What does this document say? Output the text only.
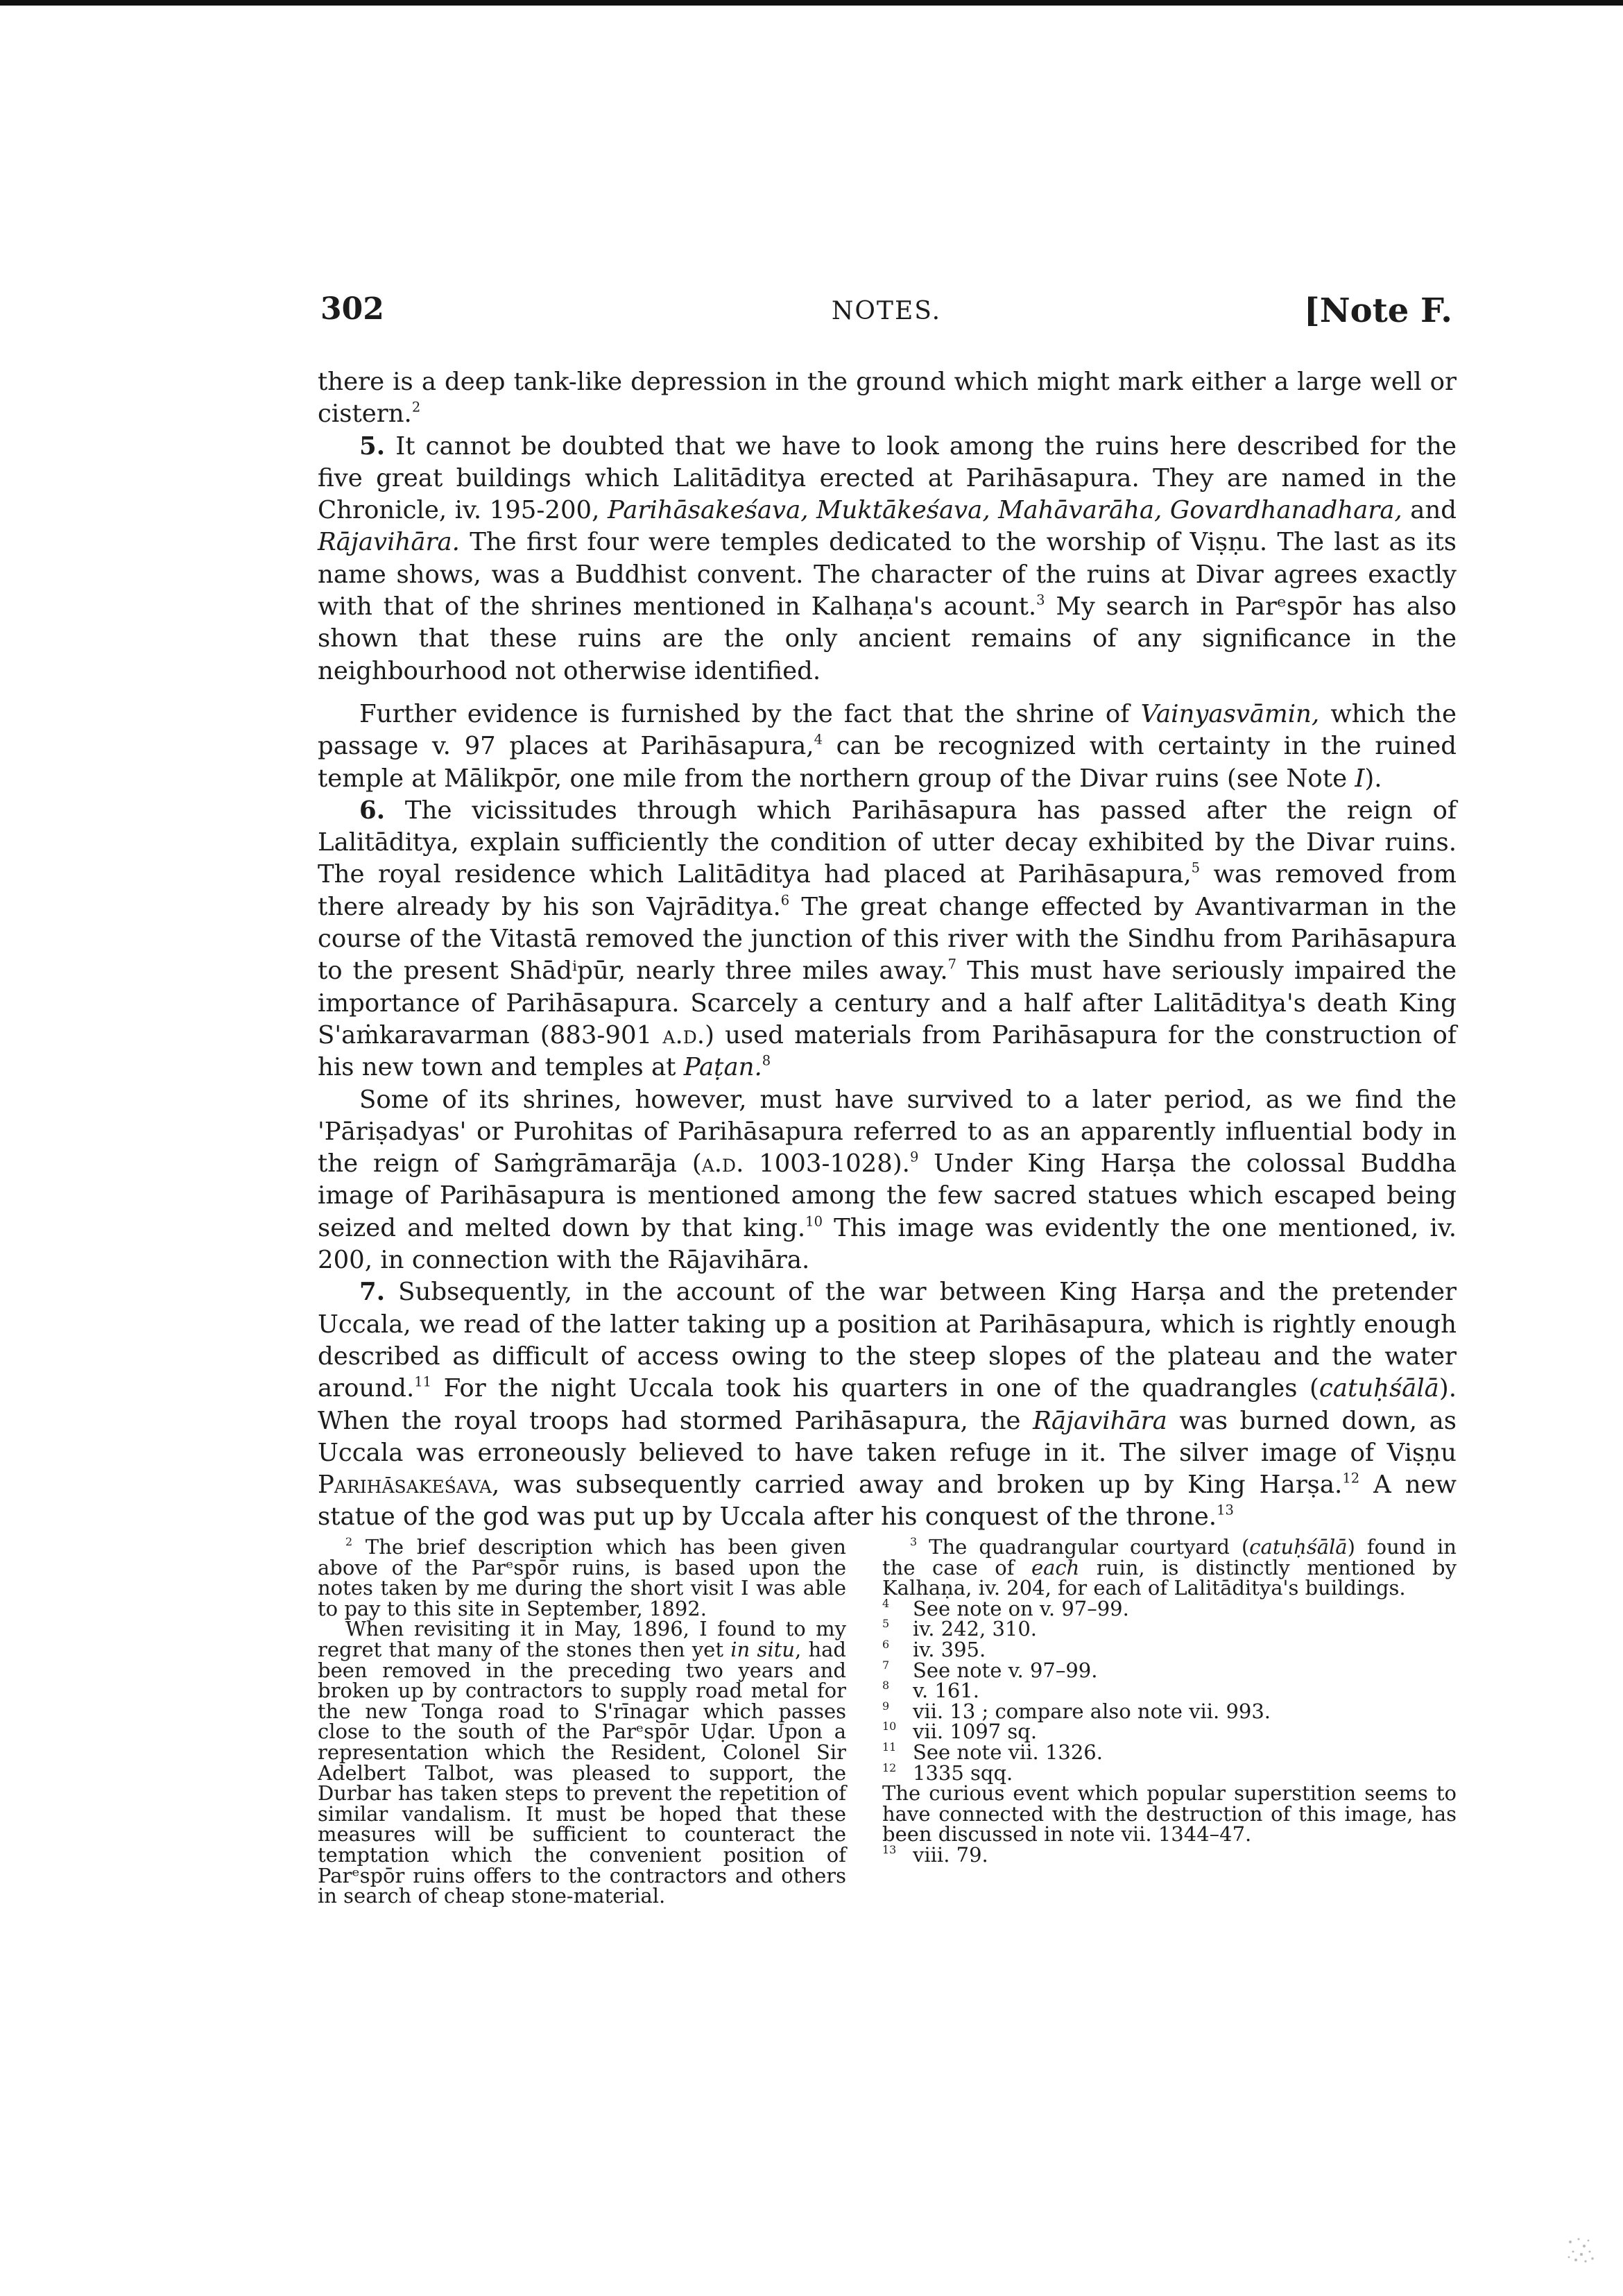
302	NOTES.	[Note F.

there is a deep tank-like depression in the ground which might mark either a large well or cistern.$^2$

5. It cannot be doubted that we have to look among the ruins here described for the five great buildings which Lalitāditya erected at Parihāsapura. They are named in the Chronicle, iv. 195-200, Parihāsakeśava, Muktākeśava, Mahāvarāha, Govardhanadhara, and Rājavihāra. The first four were temples dedicated to the worship of Viṣṇu. The last as its name shows, was a Buddhist convent. The character of the ruins at Divar agrees exactly with that of the shrines mentioned in Kalhaṇa's acount.$^3$ My search in Parᵉspōr has also shown that these ruins are the only ancient remains of any significance in the neighbourhood not otherwise identified.

Further evidence is furnished by the fact that the shrine of Vainyasvāmin, which the passage v. 97 places at Parihāsapura,$^4$ can be recognized with certainty in the ruined temple at Mālikpōr, one mile from the northern group of the Divar ruins (see Note I).

6. The vicissitudes through which Parihāsapura has passed after the reign of Lalitāditya, explain sufficiently the condition of utter decay exhibited by the Divar ruins. The royal residence which Lalitāditya had placed at Parihāsapura,$^5$ was removed from there already by his son Vajrāditya.$^6$ The great change effected by Avantivarman in the course of the Vitastā removed the junction of this river with the Sindhu from Parihāsapura to the present Shādⁱpūr, nearly three miles away.$^7$ This must have seriously impaired the importance of Parihāsapura. Scarcely a century and a half after Lalitāditya's death King S'aṁkaravarman (883-901 a.d.) used materials from Parihāsapura for the construction of his new town and temples at Paṭan.$^8$

Some of its shrines, however, must have survived to a later period, as we find the 'Pāriṣadyas' or Purohitas of Parihāsapura referred to as an apparently influential body in the reign of Saṁgrāmarāja (a.d. 1003-1028).$^9$ Under King Harṣa the colossal Buddha image of Parihāsapura is mentioned among the few sacred statues which escaped being seized and melted down by that king.$^{10}$ This image was evidently the one mentioned, iv. 200, in connection with the Rājavihāra.

7. Subsequently, in the account of the war between King Harṣa and the pretender Uccala, we read of the latter taking up a position at Parihāsapura, which is rightly enough described as difficult of access owing to the steep slopes of the plateau and the water around.$^{11}$ For the night Uccala took his quarters in one of the quadrangles (catuḥśālā). When the royal troops had stormed Parihāsapura, the Rājavihāra was burned down, as Uccala was erroneously believed to have taken refuge in it. The silver image of Viṣṇu Parihāsakeśava, was subsequently carried away and broken up by King Harṣa.$^{12}$ A new statue of the god was put up by Uccala after his conquest of the throne.$^{13}$

$^2$ The brief description which has been given above of the Parᵉspōr ruins, is based upon the notes taken by me during the short visit I was able to pay to this site in September, 1892.

When revisiting it in May, 1896, I found to my regret that many of the stones then yet in situ, had been removed in the preceding two years and broken up by contractors to supply road metal for the new Tonga road to S'rīnagar which passes close to the south of the Parᵉspōr Uḍar. Upon a representation which the Resident, Colonel Sir Adelbert Talbot, was pleased to support, the Durbar has taken steps to prevent the repetition of similar vandalism. It must be hoped that these measures will be sufficient to counteract the temptation which the convenient position of Parᵉspōr ruins offers to the contractors and others in search of cheap stone-material.

$^3$ The quadrangular courtyard (catuḥśālā) found in the case of each ruin, is distinctly mentioned by Kalhaṇa, iv. 204, for each of Lalitāditya's buildings.

$^4$ See note on v. 97–99.

$^5$ iv. 242, 310.

$^6$ iv. 395.

$^7$ See note v. 97–99.

$^8$ v. 161.

$^9$ vii. 13 ; compare also note vii. 993.

$^{10}$ vii. 1097 sq.

$^{11}$ See note vii. 1326.

$^{12}$ 1335 sqq.

The curious event which popular superstition seems to have connected with the destruction of this image, has been discussed in note vii. 1344–47.

$^{13}$ viii. 79.
